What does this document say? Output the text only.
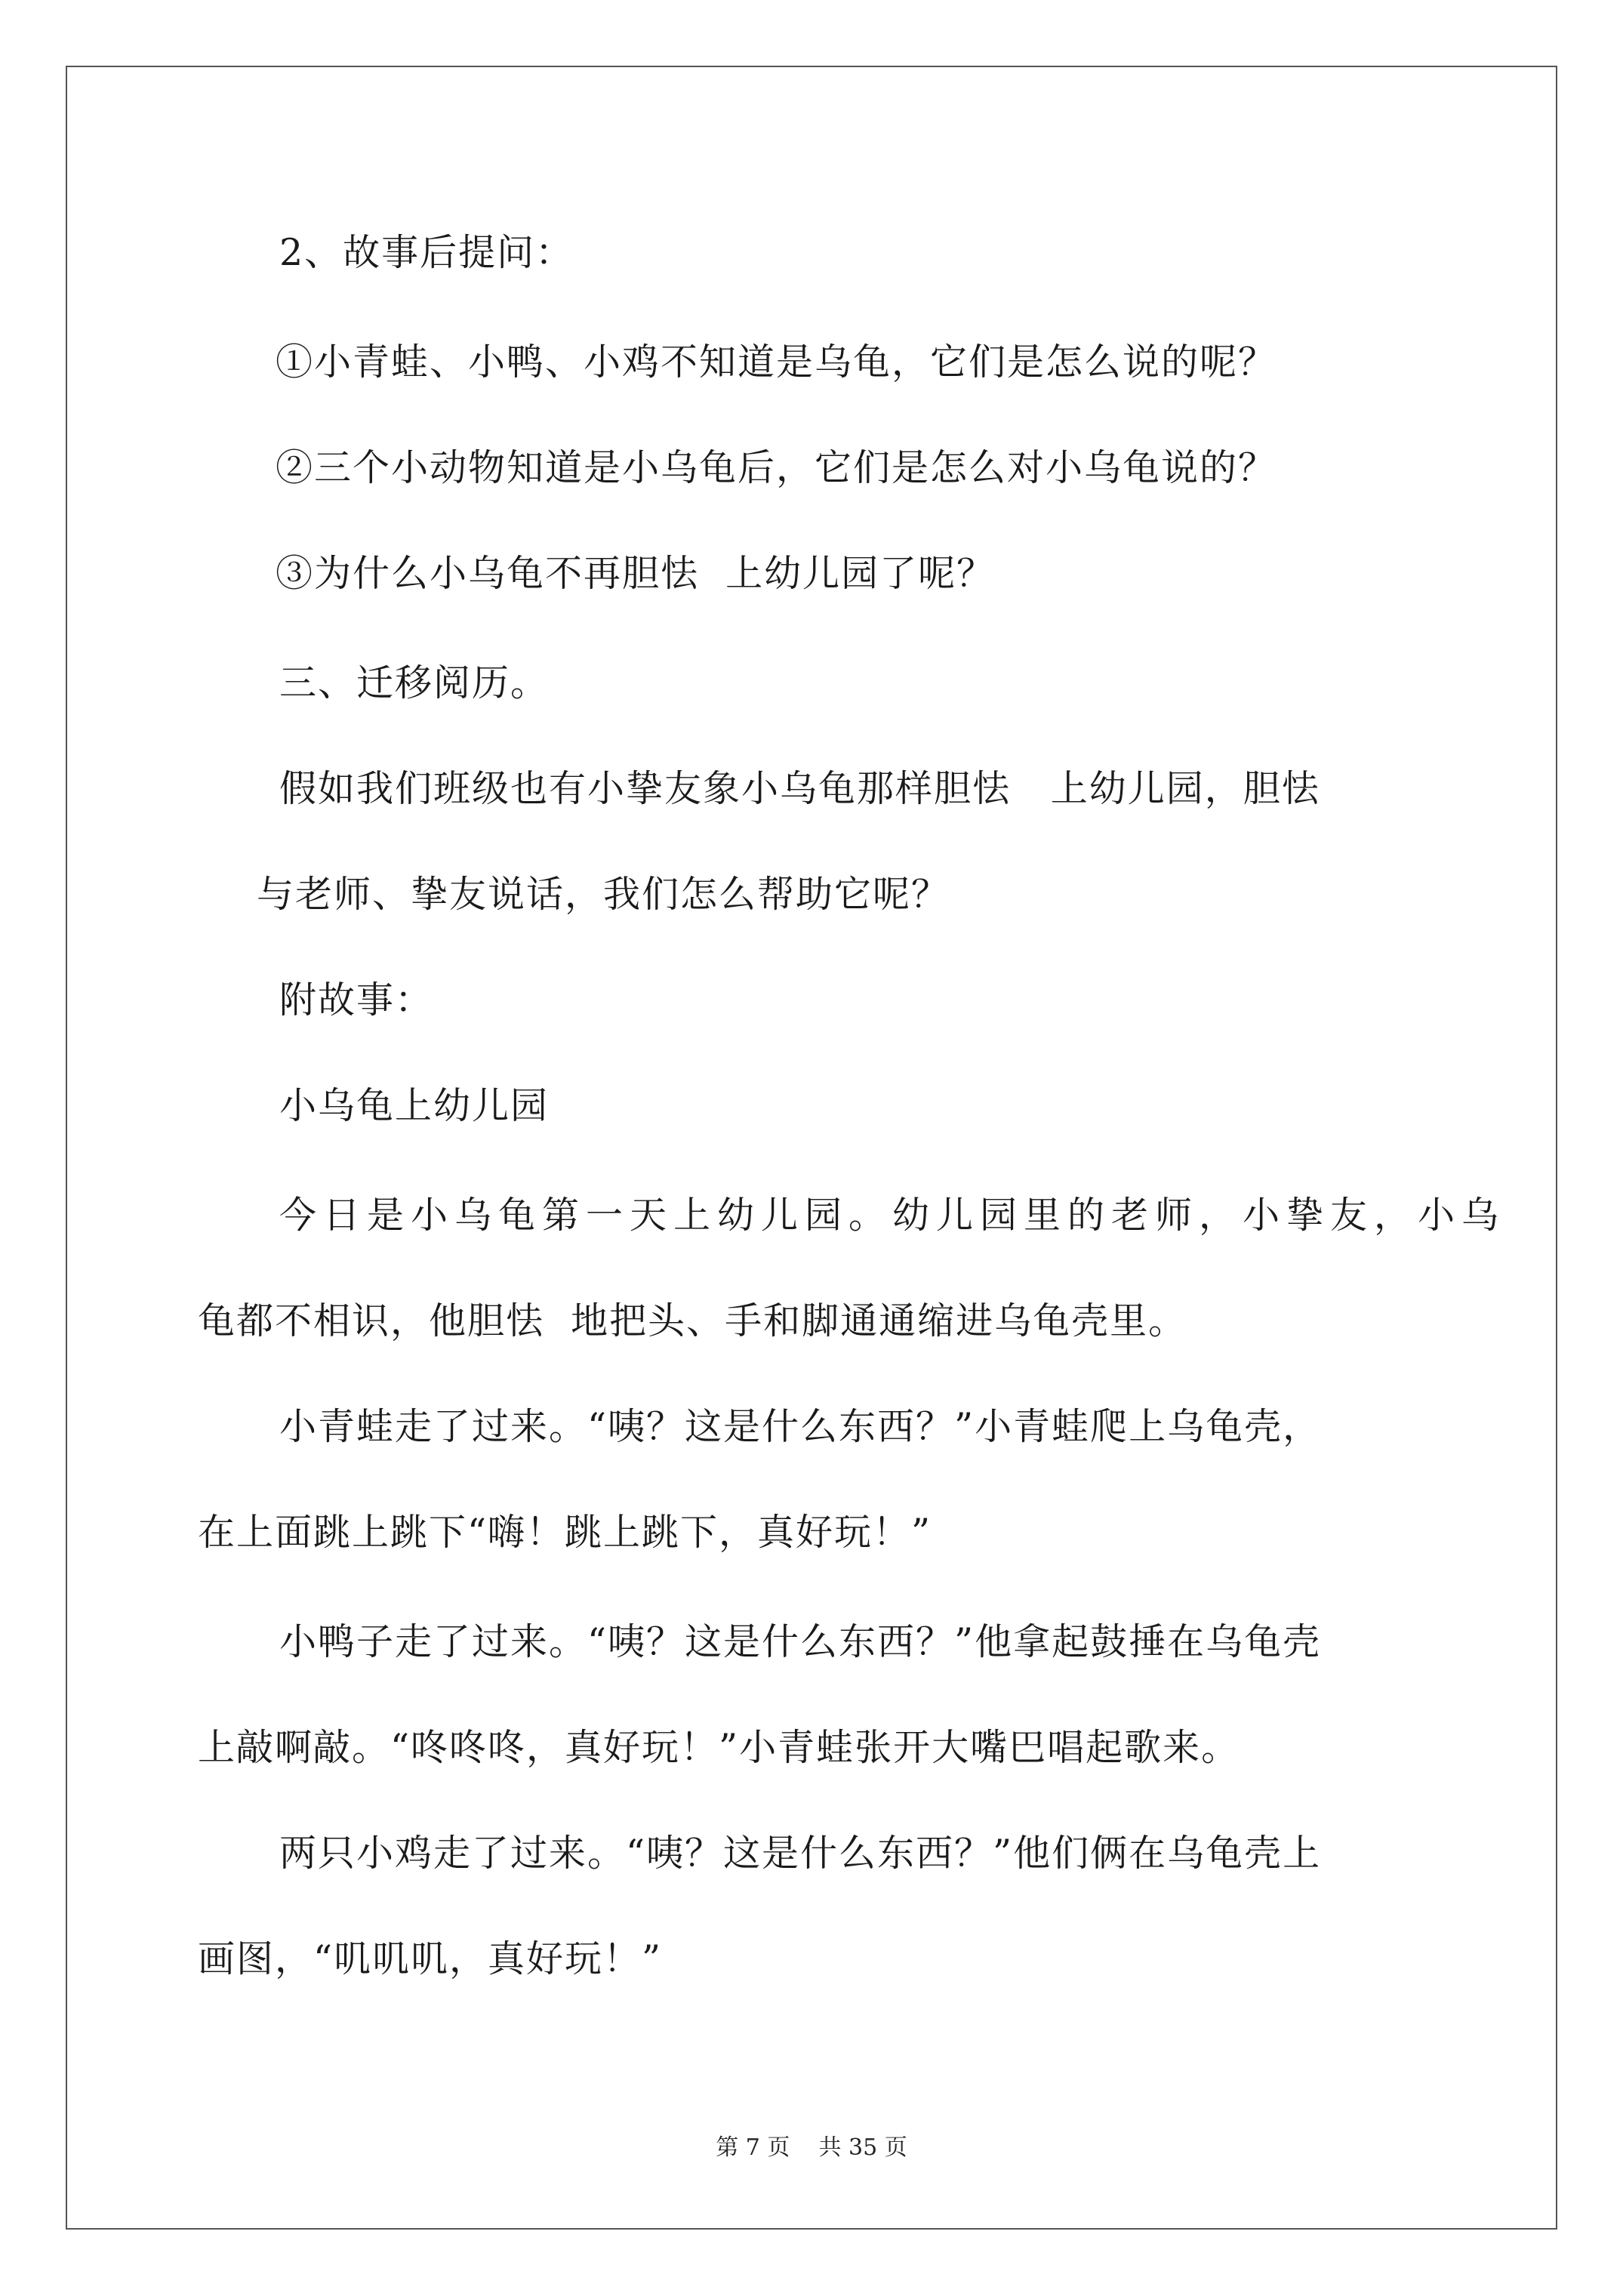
2、故事后提问：
①小青蛙、小鸭、小鸡不知道是乌龟，它们是怎么说的呢？
②三个小动物知道是小乌龟后，它们是怎么对小乌龟说的？
③为什么小乌龟不再胆怯  上幼儿园了呢？
三、迁移阅历。
假如我们班级也有小挚友象小乌龟那样胆怯   上幼儿园，胆怯
与老师、挚友说话，我们怎么帮助它呢？
附故事：
小乌龟上幼儿园
今日是小乌龟第一天上幼儿园。幼儿园里的老师，小挚友，小乌
龟都不相识，他胆怯  地把头、手和脚通通缩进乌龟壳里。
小青蛙走了过来。“咦？这是什么东西？”小青蛙爬上乌龟壳，
在上面跳上跳下“嗨！跳上跳下，真好玩！”
小鸭子走了过来。“咦？这是什么东西？”他拿起鼓捶在乌龟壳
上敲啊敲。“咚咚咚，真好玩！”小青蛙张开大嘴巴唱起歌来。
两只小鸡走了过来。“咦？这是什么东西？”他们俩在乌龟壳上
画图，“叽叽叽，真好玩！”
第 7 页    共 35 页
